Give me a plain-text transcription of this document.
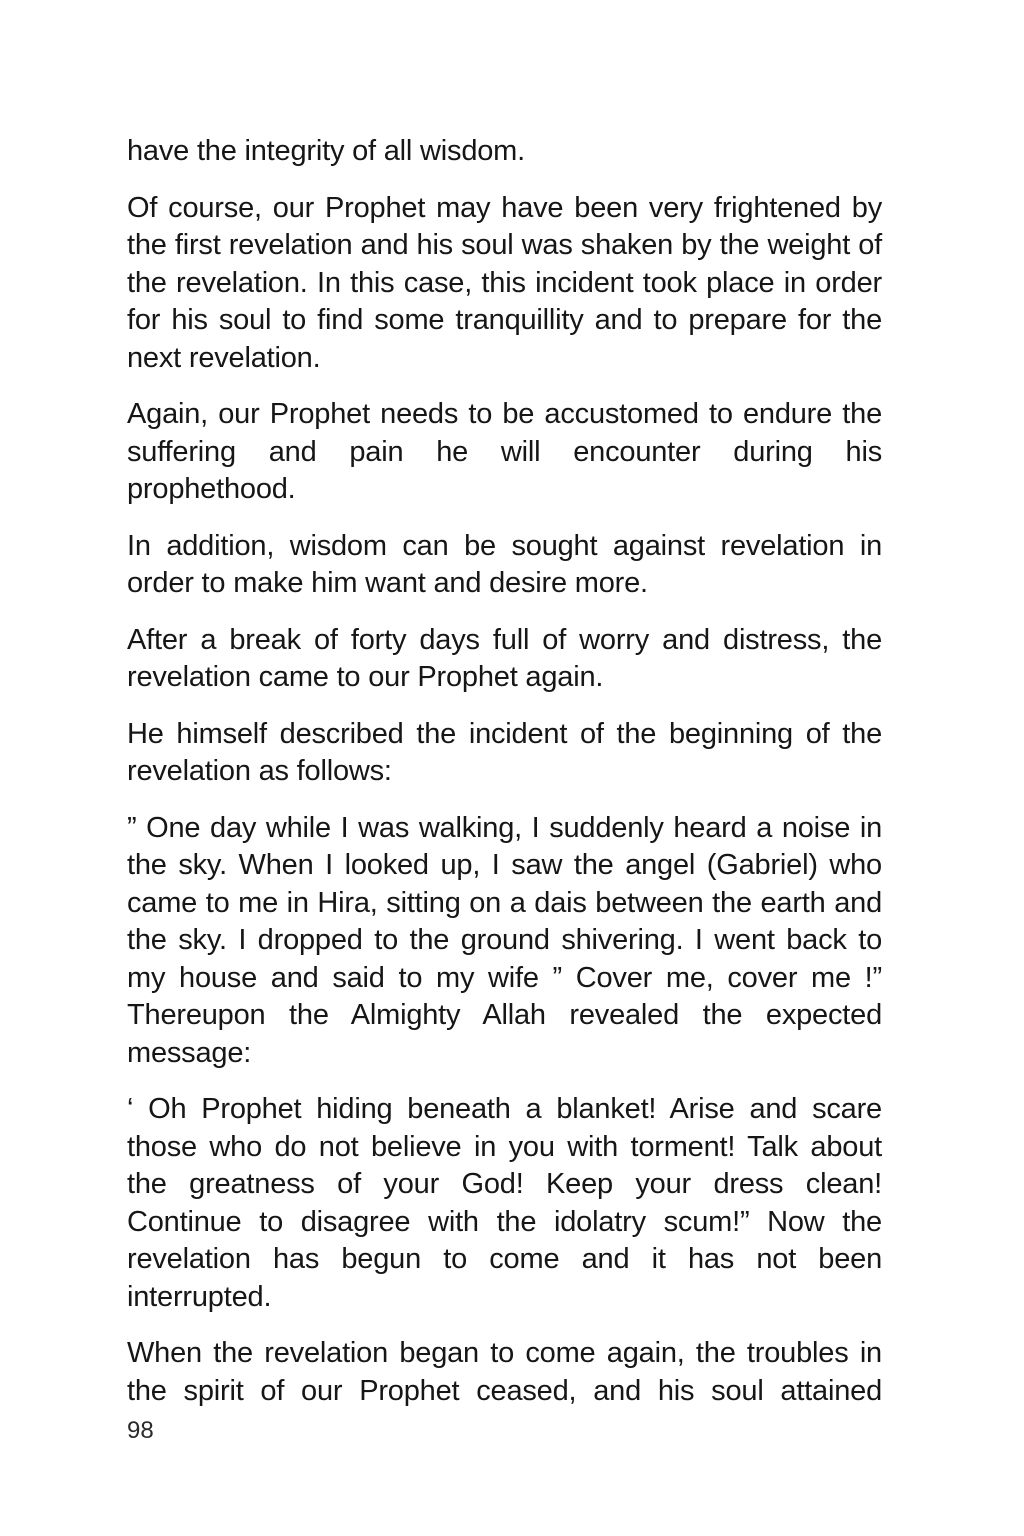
have the integrity of all wisdom.

Of course, our Prophet may have been very frightened by the first revelation and his soul was shaken by the weight of the revelation. In this case, this incident took place in order for his soul to find some tranquillity and to prepare for the next revelation.

Again, our Prophet needs to be accustomed to endure the suffering and pain he will encounter during his prophethood.

In addition, wisdom can be sought against revelation in order to make him want and desire more.

After a break of forty days full of worry and distress, the revelation came to our Prophet again.

He himself described the incident of the beginning of the revelation as follows:

” One day while I was walking, I suddenly heard a noise in the sky. When I looked up, I saw the angel (Gabriel) who came to me in Hira, sitting on a dais between the earth and the sky. I dropped to the ground shivering. I went back to my house and said to my wife ” Cover me, cover me !” Thereupon the Almighty Allah revealed the expected message:

‘ Oh Prophet hiding beneath a blanket! Arise and scare those who do not believe in you with torment! Talk about the greatness of your God! Keep your dress clean! Continue to disagree with the idolatry scum!” Now the revelation has begun to come and it has not been interrupted.

When the revelation began to come again, the troubles in the spirit of our Prophet ceased, and his soul attained

98
